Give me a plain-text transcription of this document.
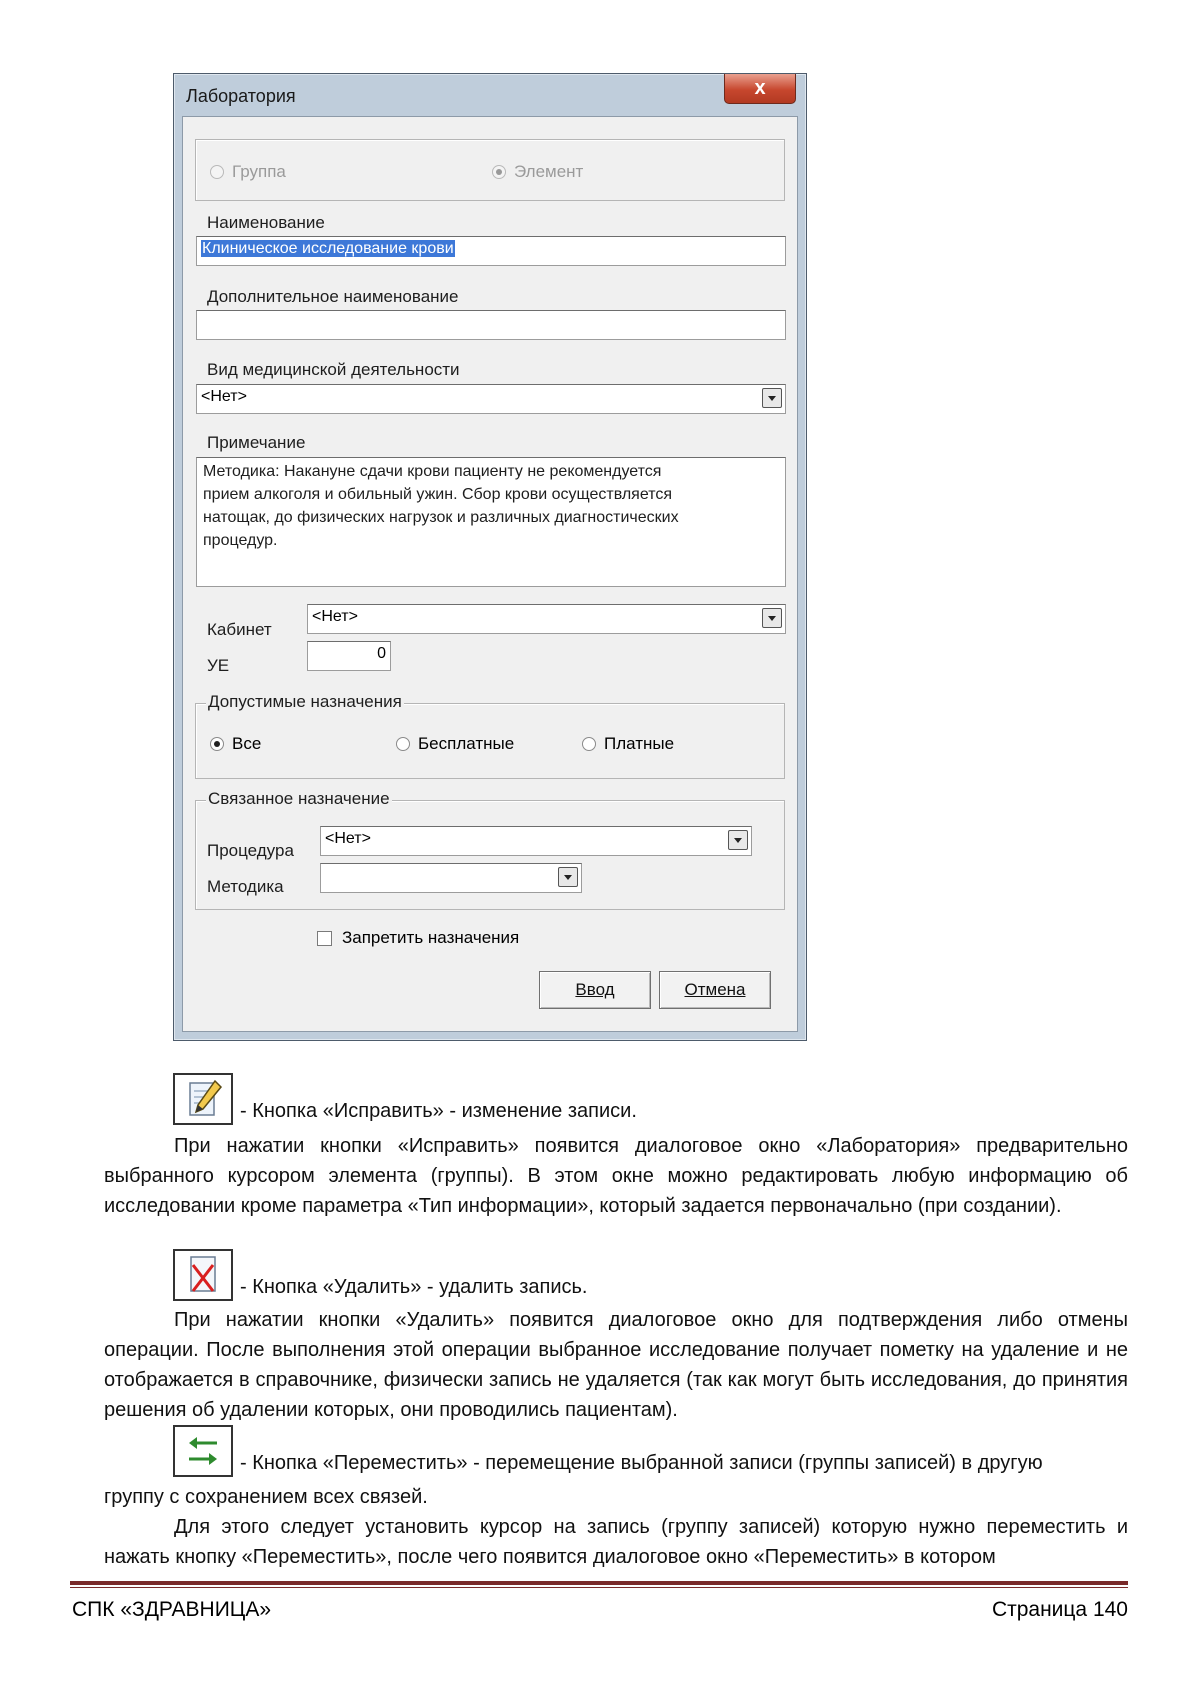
Лаборатория	x
Группа	Элемент
Наименование
Клиническое исследование крови
Дополнительное наименование
Вид медицинской деятельности
<Нет>
Примечание
Методика: Накануне сдачи крови пациенту не рекомендуется
прием алкоголя и обильный ужин. Сбор крови осуществляется
натощак, до физических нагрузок и различных диагностических
процедур.
Кабинет
<Нет>
УЕ
0
Допустимые назначения
Все	Бесплатные	Платные
Связанное назначение
Процедура
<Нет>
Методика
Запретить назначения
Ввод	Отмена
- Кнопка «Исправить» - изменение записи.

При нажатии кнопки «Исправить» появится диалоговое окно «Лаборатория» предварительно выбранного курсором элемента (группы). В этом окне можно редактировать любую информацию об исследовании кроме параметра «Тип информации», который задается первоначально (при создании).

- Кнопка «Удалить» - удалить запись.

При нажатии кнопки «Удалить» появится диалоговое окно для подтверждения либо отмены операции. После выполнения этой операции выбранное исследование получает пометку на удаление и не отображается в справочнике, физически запись не удаляется (так как могут быть исследования, до принятия решения об удалении которых, они проводились пациентам).

- Кнопка «Переместить» - перемещение выбранной записи (группы записей) в другую

группу с сохранением всех связей.

Для этого следует установить курсор на запись (группу записей) которую нужно переместить и нажать кнопку «Переместить», после чего появится диалоговое окно «Переместить» в котором

СПК «ЗДРАВНИЦА»	Страница 140
